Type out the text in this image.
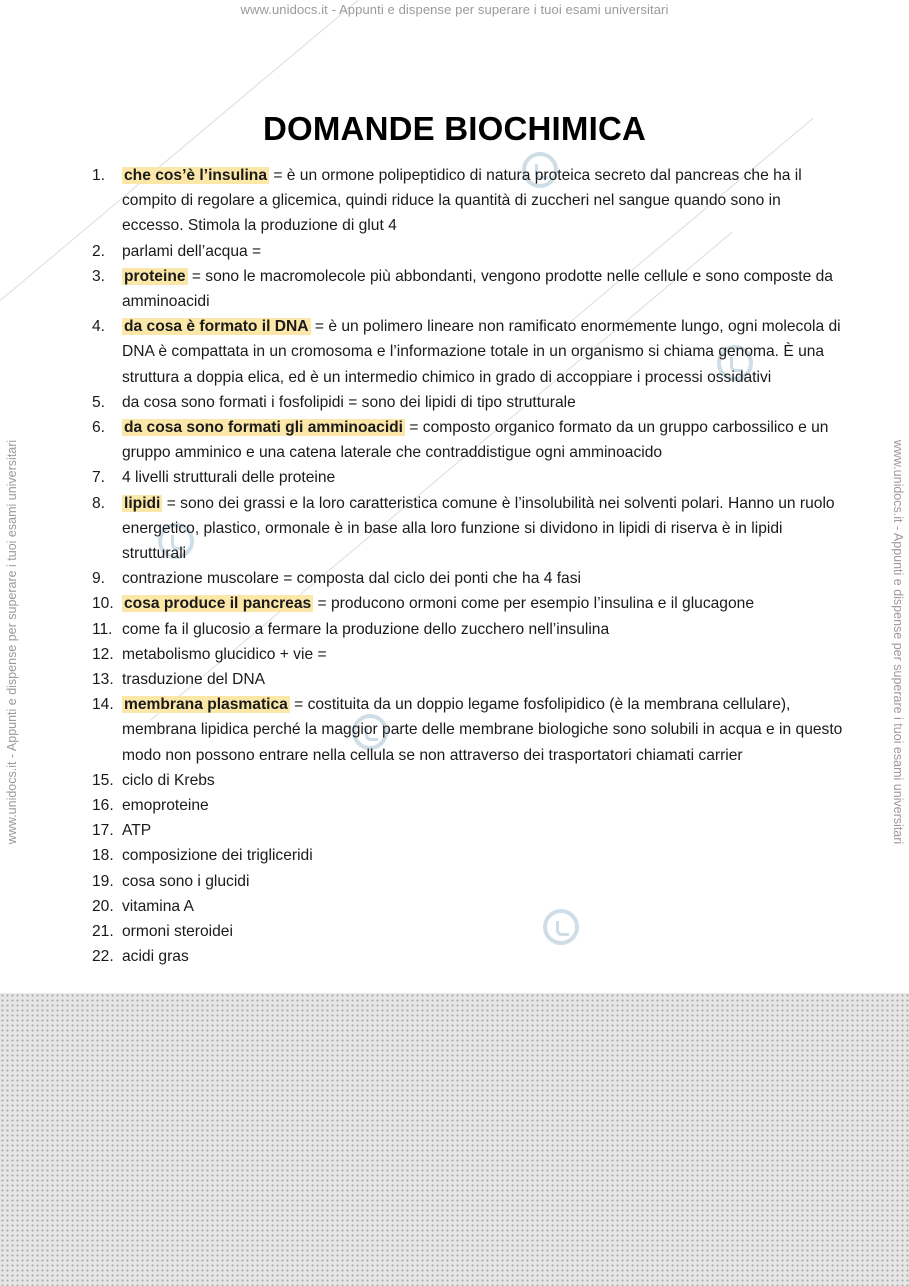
www.unidocs.it - Appunti e dispense per superare i tuoi esami universitari
www.unidocs.it - Appunti e dispense per superare i tuoi esami universitari	www.unidocs.it - Appunti e dispense per superare i tuoi esami universitari
DOMANDE BIOCHIMICA
1. che cos’è l’insulina = è un ormone polipeptidico di natura proteica secreto dal pancreas che ha il compito di regolare a glicemica, quindi riduce la quantità di zuccheri nel sangue quando sono in eccesso. Stimola la produzione di glut 4
2. parlami dell’acqua =
3. proteine = sono le macromolecole più abbondanti, vengono prodotte nelle cellule e sono composte da amminoacidi
4. da cosa è formato il DNA = è un polimero lineare non ramificato enormemente lungo, ogni molecola di DNA è compattata in un cromosoma e l’informazione totale in un organismo si chiama genoma. È una struttura a doppia elica, ed è un intermedio chimico in grado di accoppiare i processi ossidativi
5. da cosa sono formati i fosfolipidi = sono dei lipidi di tipo strutturale
6. da cosa sono formati gli amminoacidi = composto organico formato da un gruppo carbossilico e un gruppo amminico e una catena laterale che contraddistigue ogni amminoacido
7. 4 livelli strutturali delle proteine
8. lipidi = sono dei grassi e la loro caratteristica comune è l’insolubilità nei solventi polari. Hanno un ruolo energetico, plastico, ormonale è in base alla loro funzione si dividono in lipidi di riserva è in lipidi strutturali
9. contrazione muscolare = composta dal ciclo dei ponti che ha 4 fasi
10. cosa produce il pancreas = producono ormoni come per esempio l’insulina e il glucagone
11. come fa il glucosio a fermare la produzione dello zucchero nell’insulina
12. metabolismo glucidico + vie =
13. trasduzione del DNA
14. membrana plasmatica = costituita da un doppio legame fosfolipidico (è la membrana cellulare), membrana lipidica perché la maggior parte delle membrane biologiche sono solubili in acqua e in questo modo non possono entrare nella cellula se non attraverso dei trasportatori chiamati carrier
15. ciclo di Krebs
16. emoproteine
17. ATP
18. composizione dei trigliceridi
19. cosa sono i glucidi
20. vitamina A
21. ormoni steroidei
22. acidi gras
